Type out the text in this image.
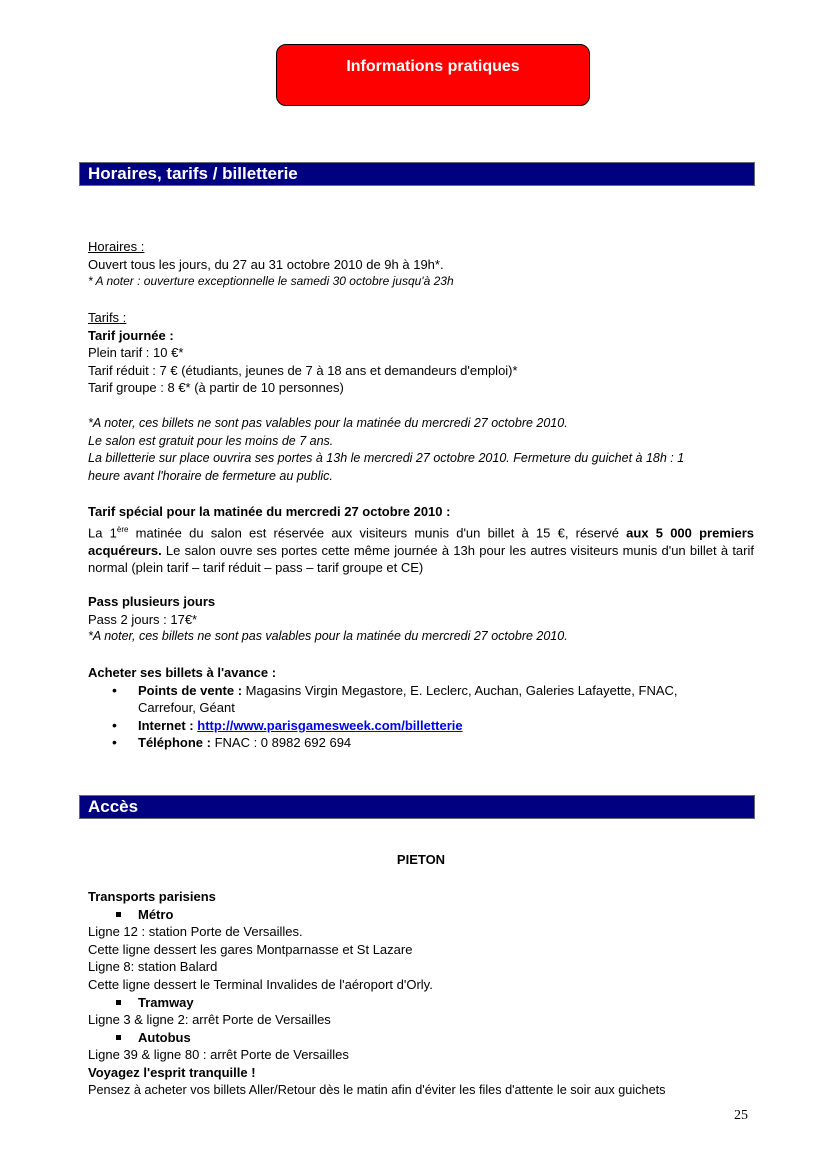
Informations pratiques
Horaires, tarifs / billetterie
Horaires :
Ouvert tous les jours, du 27 au 31 octobre 2010 de 9h à 19h*.
* A noter : ouverture exceptionnelle le samedi 30 octobre jusqu'à 23h
Tarifs :
Tarif journée :
Plein tarif : 10 €*
Tarif réduit : 7 € (étudiants, jeunes de 7 à 18 ans et demandeurs d'emploi)*
Tarif groupe : 8 €* (à partir de 10 personnes)
*A noter, ces billets ne sont pas valables pour la matinée du mercredi 27 octobre 2010.
Le salon est gratuit pour les moins de 7 ans.
La billetterie sur place ouvrira ses portes à 13h le mercredi 27 octobre 2010. Fermeture du guichet à 18h : 1
heure avant l'horaire de fermeture au public.
Tarif spécial pour la matinée du mercredi 27 octobre 2010 :
La 1ère matinée du salon est réservée aux visiteurs munis d'un billet à 15 €, réservé aux 5 000 premiers acquéreurs. Le salon ouvre ses portes cette même journée à 13h pour les autres visiteurs munis d'un billet à tarif normal (plein tarif – tarif réduit – pass – tarif groupe et CE)
Pass plusieurs jours
Pass 2 jours : 17€*
*A noter, ces billets ne sont pas valables pour la matinée du mercredi 27 octobre 2010.
Acheter ses billets à l'avance :
• Points de vente : Magasins Virgin Megastore, E. Leclerc, Auchan, Galeries Lafayette, FNAC,
Carrefour, Géant
• Internet : http://www.parisgamesweek.com/billetterie
• Téléphone : FNAC : 0 8982 692 694
Accès
PIETON
Transports parisiens
Métro
Ligne 12 : station Porte de Versailles.
Cette ligne dessert les gares Montparnasse et St Lazare
Ligne 8: station Balard
Cette ligne dessert le Terminal Invalides de l'aéroport d'Orly.
Tramway
Ligne 3 & ligne 2: arrêt Porte de Versailles
Autobus
Ligne 39 & ligne 80 : arrêt Porte de Versailles
Voyagez l'esprit tranquille !
Pensez à acheter vos billets Aller/Retour dès le matin afin d'éviter les files d'attente le soir aux guichets
25
